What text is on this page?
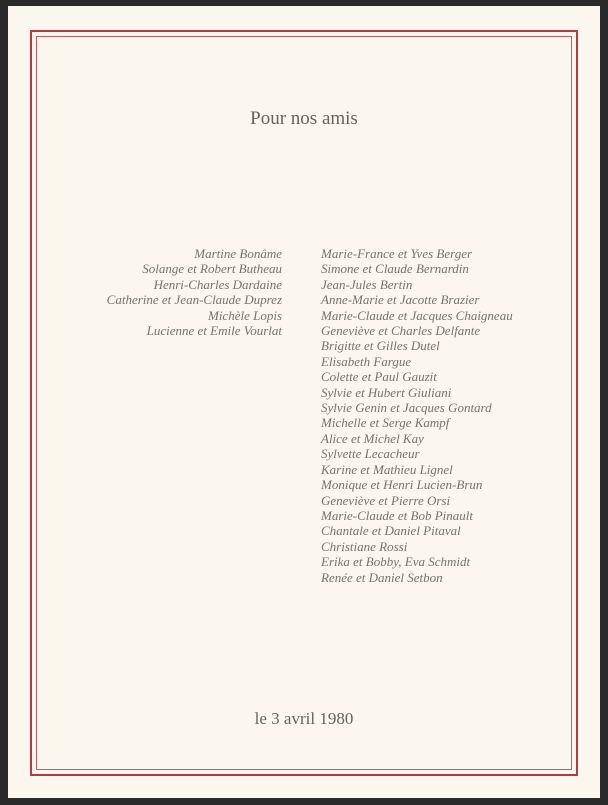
Pour nos amis
Martine Bonâme
Solange et Robert Butheau
Henri-Charles Dardaine
Catherine et Jean-Claude Duprez
Michèle Lopis
Lucienne et Emile Vourlat
Marie-France et Yves Berger
Simone et Claude Bernardin
Jean-Jules Bertin
Anne-Marie et Jacotte Brazier
Marie-Claude et Jacques Chaigneau
Geneviève et Charles Delfante
Brigitte et Gilles Dutel
Elisabeth Fargue
Colette et Paul Gauzit
Sylvie et Hubert Giuliani
Sylvie Genin et Jacques Gontard
Michelle et Serge Kampf
Alice et Michel Kay
Sylvette Lecacheur
Karine et Mathieu Lignel
Monique et Henri Lucien-Brun
Geneviève et Pierre Orsi
Marie-Claude et Bob Pinault
Chantale et Daniel Pitaval
Christiane Rossi
Erika et Bobby, Eva Schmidt
Renée et Daniel Setbon

le 3 avril 1980
